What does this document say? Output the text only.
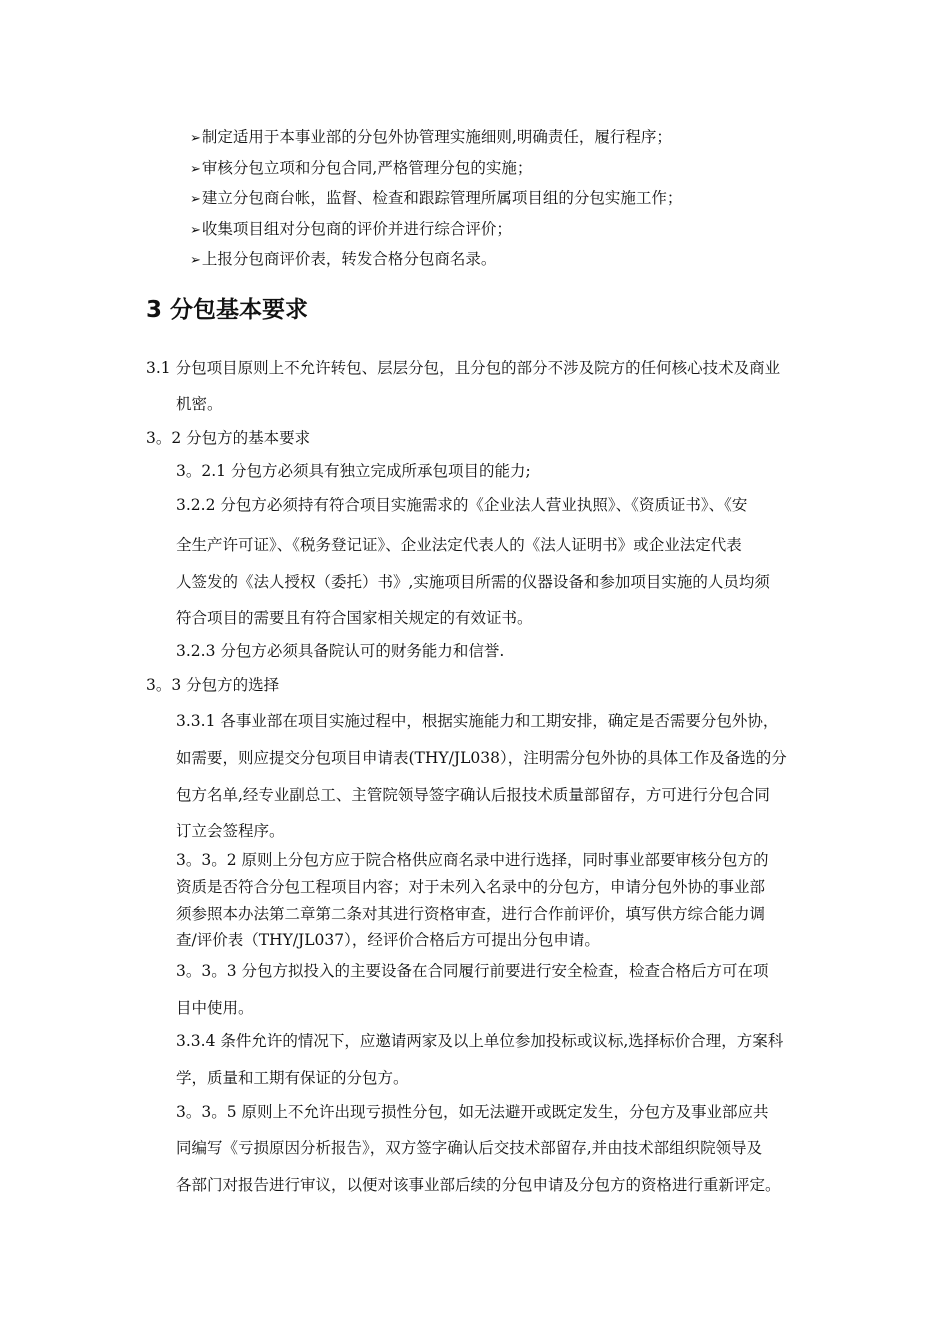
➢制定适用于本事业部的分包外协管理实施细则,明确责任，履行程序；
➢审核分包立项和分包合同,严格管理分包的实施；
➢建立分包商台帐，监督、检查和跟踪管理所属项目组的分包实施工作；
➢收集项目组对分包商的评价并进行综合评价；
➢上报分包商评价表，转发合格分包商名录。
3 分包基本要求
3.1 分包项目原则上不允许转包、层层分包，且分包的部分不涉及院方的任何核心技术及商业
机密。
3。2 分包方的基本要求
3。2.1 分包方必须具有独立完成所承包项目的能力;
3.2.2 分包方必须持有符合项目实施需求的《企业法人营业执照》、《资质证书》、《安
全生产许可证》、《税务登记证》、企业法定代表人的《法人证明书》或企业法定代表
人签发的《法人授权（委托）书》,实施项目所需的仪器设备和参加项目实施的人员均须
符合项目的需要且有符合国家相关规定的有效证书。
3.2.3 分包方必须具备院认可的财务能力和信誉.
3。3 分包方的选择
3.3.1 各事业部在项目实施过程中，根据实施能力和工期安排，确定是否需要分包外协，
如需要，则应提交分包项目申请表(THY/JL038），注明需分包外协的具体工作及备选的分
包方名单,经专业副总工、主管院领导签字确认后报技术质量部留存，方可进行分包合同
订立会签程序。
3。3。2 原则上分包方应于院合格供应商名录中进行选择，同时事业部要审核分包方的
资质是否符合分包工程项目内容；对于未列入名录中的分包方，申请分包外协的事业部
须参照本办法第二章第二条对其进行资格审查，进行合作前评价，填写供方综合能力调
查/评价表（THY/JL037），经评价合格后方可提出分包申请。
3。3。3 分包方拟投入的主要设备在合同履行前要进行安全检查，检查合格后方可在项
目中使用。
3.3.4 条件允许的情况下，应邀请两家及以上单位参加投标或议标,选择标价合理，方案科
学，质量和工期有保证的分包方。
3。3。5 原则上不允许出现亏损性分包，如无法避开或既定发生，分包方及事业部应共
同编写《亏损原因分析报告》，双方签字确认后交技术部留存,并由技术部组织院领导及
各部门对报告进行审议，以便对该事业部后续的分包申请及分包方的资格进行重新评定。
